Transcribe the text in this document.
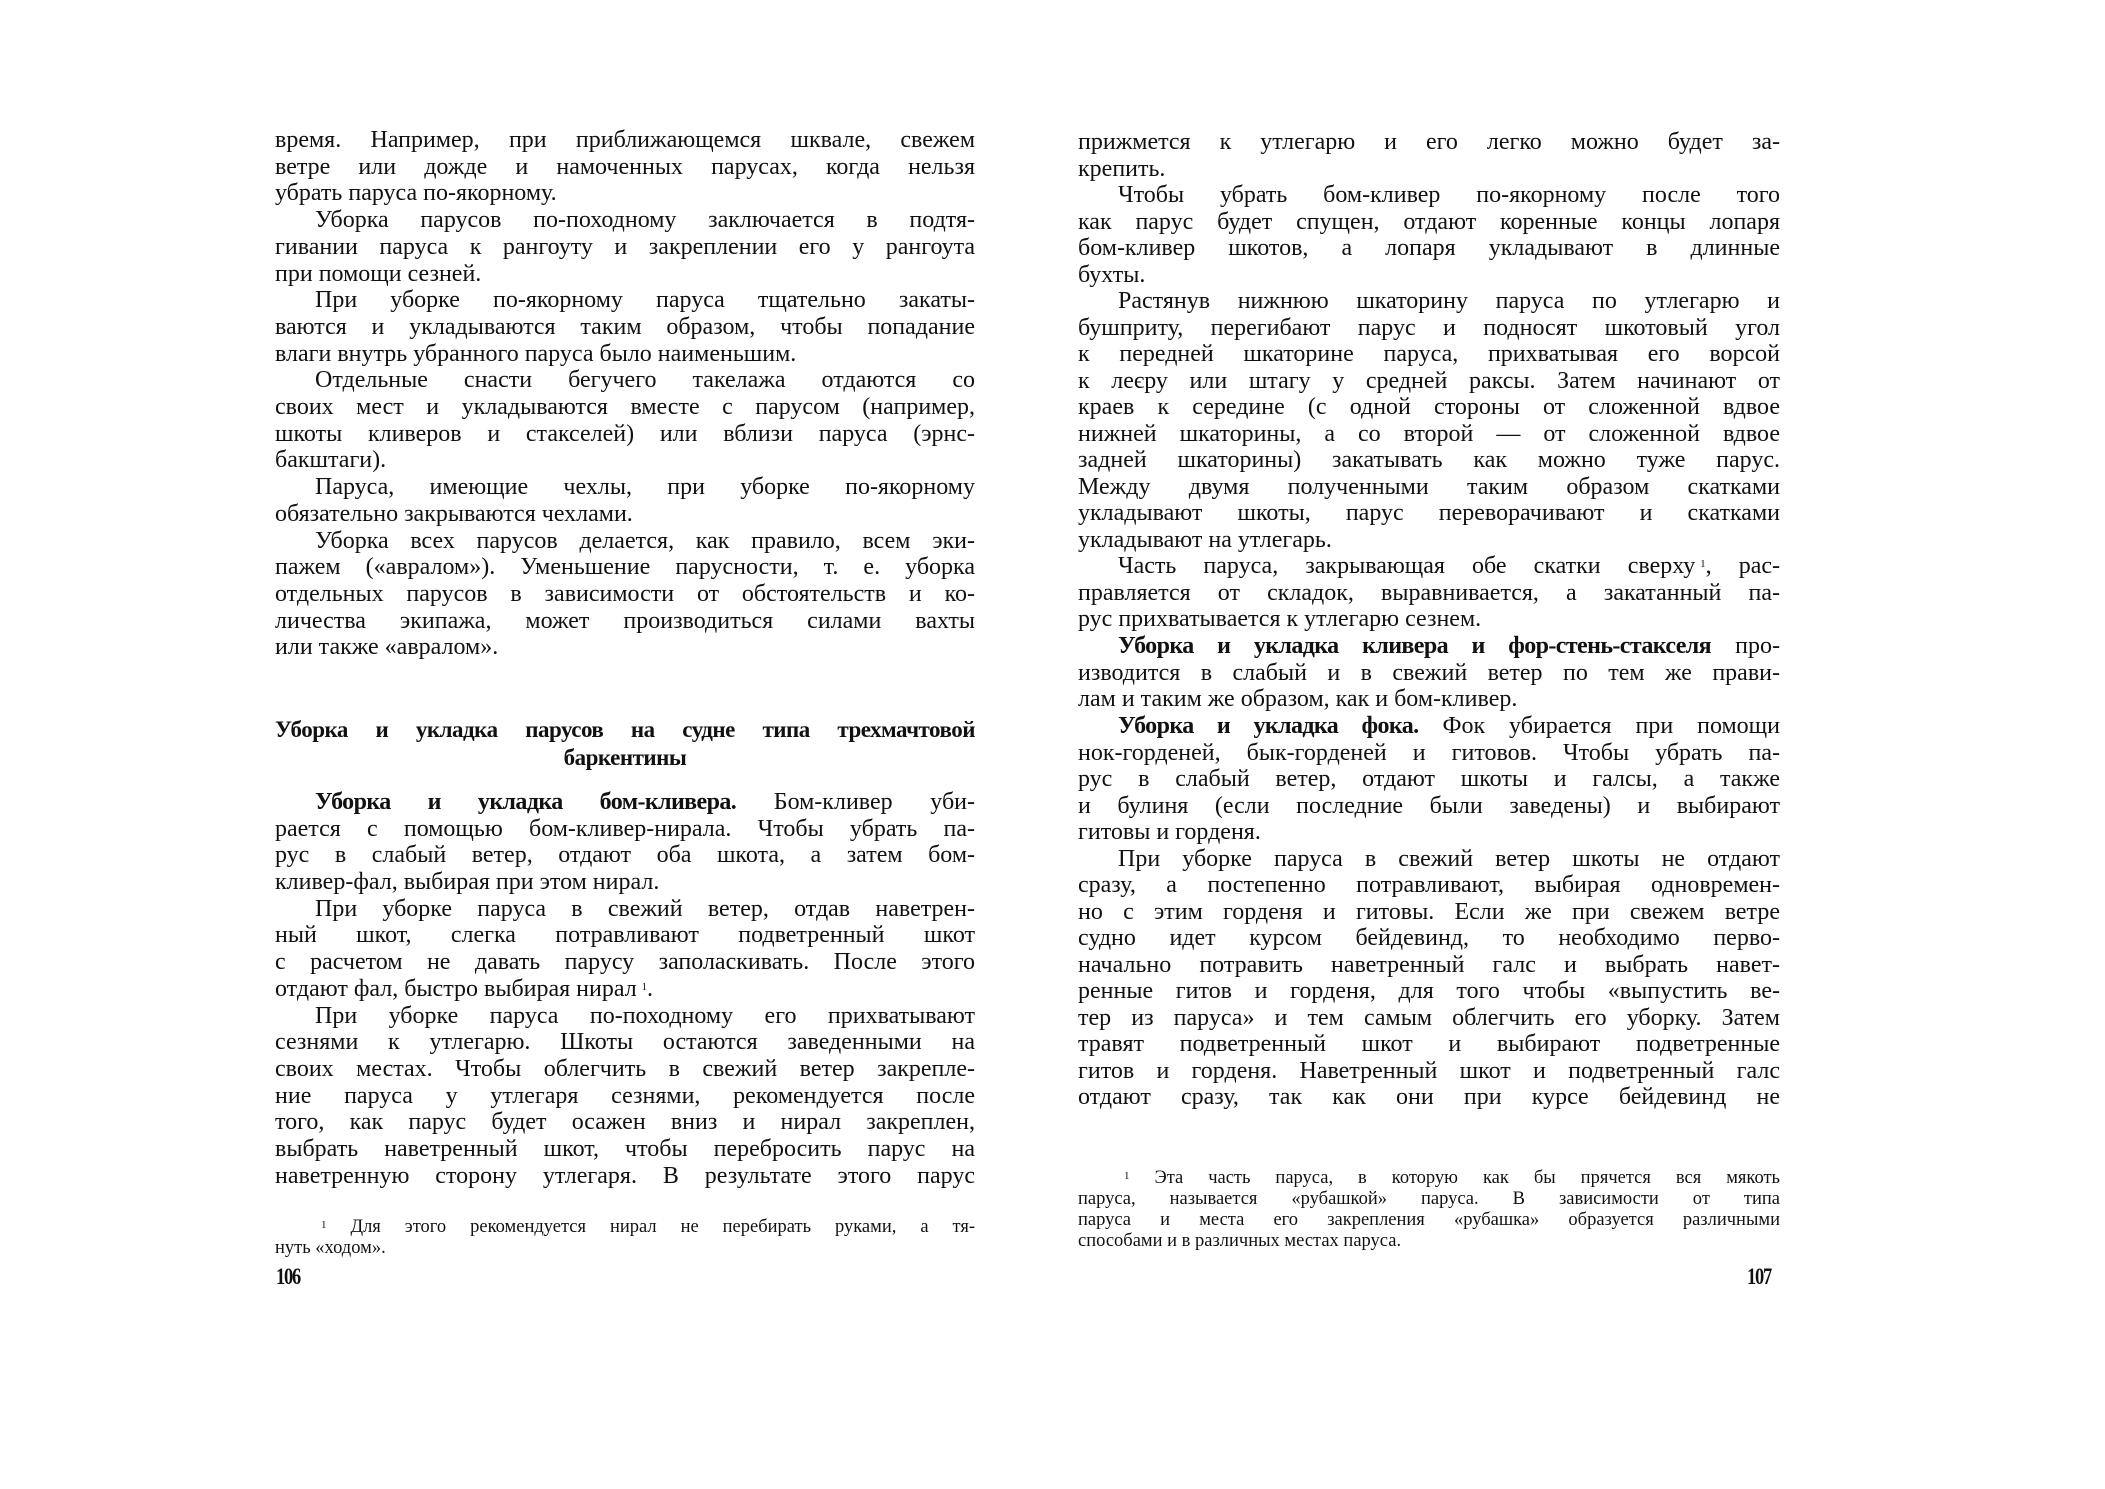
время. Например, при приближающемся шквале, свежем
ветре или дожде и намоченных парусах, когда нельзя
убрать паруса по-якорному.
Уборка парусов по-походному заключается в подтя-
гивании паруса к рангоуту и закреплении его у рангоута
при помощи сезней.
При уборке по-якорному паруса тщательно закаты-
ваются и укладываются таким образом, чтобы попадание
влаги внутрь убранного паруса было наименьшим.
Отдельные снасти бегучего такелажа отдаются со
своих мест и укладываются вместе с парусом (например,
шкоты кливеров и стакселей) или вблизи паруса (эрнс-
бакштаги).
Паруса, имеющие чехлы, при уборке по-якорному
обязательно закрываются чехлами.
Уборка всех парусов делается, как правило, всем эки-
пажем («авралом»). Уменьшение парусности, т. е. уборка
отдельных парусов в зависимости от обстоятельств и ко-
личества экипажа, может производиться силами вахты
или также «авралом».
Уборка и укладка парусов на судне типа трехмачтовой
баркентины
Уборка и укладка бом-кливера. Бом-кливер уби-
рается с помощью бом-кливер-нирала. Чтобы убрать па-
рус в слабый ветер, отдают оба шкота, а затем бом-
кливер-фал, выбирая при этом нирал.
При уборке паруса в свежий ветер, отдав наветрен-
ный шкот, слегка потравливают подветренный шкот
с расчетом не давать парусу заполаскивать. После этого
отдают фал, быстро выбирая нирал  $^1$.
При уборке паруса по-походному его прихватывают
сезнями к утлегарю. Шкоты остаются заведенными на
своих местах. Чтобы облегчить в свежий ветер закрепле-
ние паруса у утлегаря сезнями, рекомендуется после
того, как парус будет осажен вниз и нирал закреплен,
выбрать наветренный шкот, чтобы перебросить парус на
наветренную сторону утлегаря. В результате этого парус
$^1$ Для этого рекомендуется нирал не перебирать руками, а тя-
нуть «ходом».
106
прижмется к утлегарю и его легко можно будет за-
крепить.
Чтобы убрать бом-кливер по-якорному после того
как парус будет спущен, отдают коренные концы лопаря
бом-кливер шкотов, а лопаря укладывают в длинные
бухты.
Растянув нижнюю шкаторину паруса по утлегарю и
бушприту, перегибают парус и подносят шкотовый угол
к передней шкаторине паруса, прихватывая его ворсой
к леєру или штагу у средней раксы. Затем начинают от
краев к середине (с одной стороны от сложенной вдвое
нижней шкаторины, а со второй — от сложенной вдвое
задней шкаторины) закатывать как можно туже парус.
Между двумя полученными таким образом скатками
укладывают шкоты, парус переворачивают и скатками
укладывают на утлегарь.
Часть паруса, закрывающая обе скатки сверху  $^1$, рас-
правляется от складок, выравнивается, а закатанный па-
рус прихватывается к утлегарю сезнем.
Уборка и укладка кливера и фор-стень-стакселя про-
изводится в слабый и в свежий ветер по тем же прави-
лам и таким же образом, как и бом-кливер.
Уборка и укладка фока. Фок убирается при помощи
нок-горденей, бык-горденей и гитовов. Чтобы убрать па-
рус в слабый ветер, отдают шкоты и галсы, а также
и булиня (если последние были заведены) и выбирают
гитовы и горденя.
При уборке паруса в свежий ветер шкоты не отдают
сразу, а постепенно потравливают, выбирая одновремен-
но с этим горденя и гитовы. Если же при свежем ветре
судно идет курсом бейдевинд, то необходимо перво-
начально потравить наветренный галс и выбрать навет-
ренные гитов и горденя, для того чтобы «выпустить ве-
тер из паруса» и тем самым облегчить его уборку. Затем
травят подветренный шкот и выбирают подветренные
гитов и горденя. Наветренный шкот и подветренный галс
отдают сразу, так как они при курсе бейдевинд не
$^1$ Эта часть паруса, в которую как бы прячется вся мякоть
паруса, называется «рубашкой» паруса. В зависимости от типа
паруса и места его закрепления «рубашка» образуется различными
способами и в различных местах паруса.
107
